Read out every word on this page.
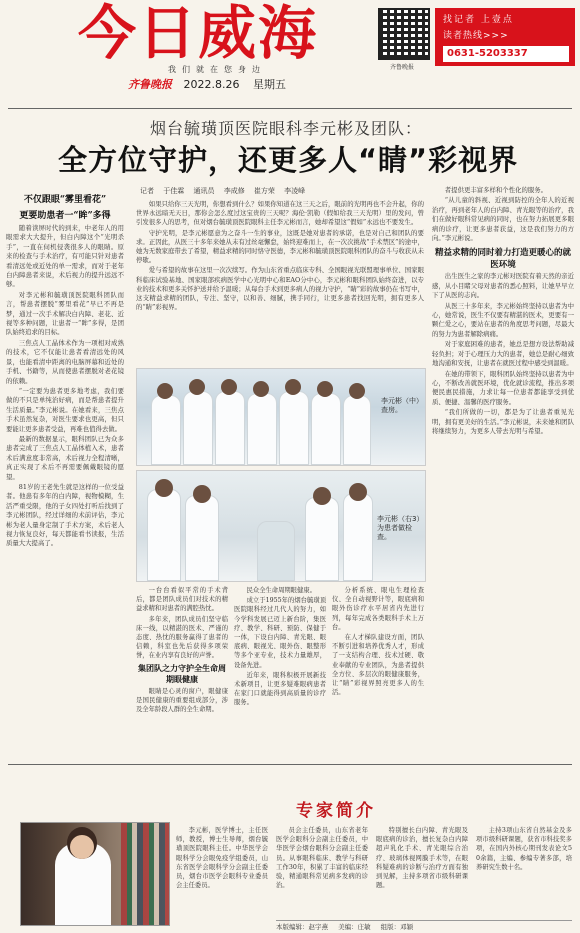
今日威海
我们就在您身边	齐鲁晚报
找记者 上壹点
读者热线>>>
0631-5203337
齐鲁晚报 2022.8.26 星期五
烟台毓璜顶医院眼科李元彬及团队：
全方位守护，还更多人“睛”彩视界
不仅跟眼“雾里看花”
更要助患者一“眸”多得

随着读屏时代的到来，中老年人的用眼需求大大提升，但白内障这个“光明杀手”，一直在伺机侵袭很多人的眼睛。原来的检查与手术治疗，有可能只针对患者看清远处或近处的单一需求，而对于老年白内障患者来说，术后视力的提升远远不够。

对李元彬和毓璜顶医院眼科团队而言，帮患者摆脱“雾里看花”早已不再是梦，通过一次手术解决白内障、老花、近视等多种问题，让患者一“眸”多得，是团队始终追求的目标。

三焦点人工晶体术作为一项相对成熟的技术，它不仅能让患者看清远处的风景，也能看清中距离的电脑屏幕和近处的手机、书籍等，从而使患者摆脱对老花镜的依赖。

“一定要为患者更多地考虑，我们要做的不只是单纯治好病，而是帮患者提升生活质量。”李元彬说。在她看来，三焦点手术虽然复杂，对医生要求也更高，但只要能让更多患者受益，再难也值得去做。

最新的数据显示，眼科团队已为众多患者完成了三焦点人工晶体植入术，患者术后满意度非常高，术后视力全程清晰，真正实现了术后不再需要佩戴眼镜的愿望。

81岁的王老先生就是这样的一位受益者。他患有多年的白内障，视物模糊，生活严重受限，他的子女四处打听后找到了李元彬团队，经过详细的术前评估，李元彬为老人量身定制了手术方案，术后老人视力恢复良好，每天都能看书读报，生活质量大大提高了。

记者 于佳霖 通讯员 李成修 崔方荣 李凌峰

如果只给你三天光明，你想看到什么？如果你知道在这三天之后，眼前的光明再也不会升起，你的世界永远暗无天日，那你会怎么度过这宝贵的三天呢？海伦·凯勒（假如给我三天光明）里的发问，曾引发很多人的思考，但对烟台毓璜顶医院眼科主任李元彬而言，她却希望这“假如”永远也不要发生。

守护光明，是李元彬愿意为之奋斗一生的事业，这既是她对患者的承诺，也是对自己和团队的要求。正因此，从医三十多年来她从未有过丝毫懈怠，始终迎难而上，在一次次挑战“手术禁区”的途中，她为无数家庭带去了希望，精益求精的同时恪守医德，李元彬和毓璜顶医院眼科团队的奋斗与收获从未停歇。

爱与希望的故事在这里一次次续写。作为山东省重点临床专科、全国眼视光联盟理事单位、国家眼科临床试验基地、国家眼部疾病医学中心光明中心和EAO分中心，李元彬和眼科团队始终奋进，以专业的技术和更多关怀护送并给予温暖；从每台手术到更多病人的视力守护，“睛”彩的故事仍在书写中，这支精益求精的团队，专注、坚守，以和善、细腻，携手同行，让更多患者找回光明，拥有更多人的“睛”彩视界。

李元彬（中）查房。
李元彬（右3）为患者做检查。

者提供更丰富多样和个性化的服务。

“从儿童的斜视、近视到防控的全年人的近视治疗，再到老年人的白内障、青光眼等的治疗，我们在做好眼科常见病的同时，也在努力拓展更多眼病的诊疗，让更多患者获益，这是我们努力的方向。”李元彬说。

精益求精的同时着力打造更暖心的就医环境

出生医生之家的李元彬对医院有着天然的亲近感，从小目睹父母对患者的悉心照料，让她早早立下了从医的志向。

从医三十多年来，李元彬始终坚持以患者为中心，她常说，医生不仅要有精湛的医术，更要有一颗仁爱之心，要站在患者的角度思考问题，尽最大的努力为患者解除病痛。

对于家庭困难的患者，她总是想方设法帮助减轻负担；对于心理压力大的患者，她总是耐心细致地沟通和安抚，让患者在就医过程中感受到温暖。

在她的带领下，眼科团队始终坚持以患者为中心，不断改善就医环境，优化就诊流程，推出多项便民惠民措施，力求让每一位患者都能享受到优质、便捷、温馨的医疗服务。

“我们所做的一切，都是为了让患者重见光明，拥有更美好的生活。”李元彬说，未来她和团队将继续努力，为更多人带去光明与希望。

一台台看似平常的手术背后，都是团队成员们对技术的精益求精和对患者的满腔热忱。

多年来，团队成员们坚守临床一线，以精湛的医术、严谨的态度、热忱的服务赢得了患者的信赖，科室也先后获得多项荣誉，在业内享有良好的声誉。

集团队之力守护全生命周期眼健康

眼睛是心灵的窗户，眼健康是国民健康的重要组成部分，涉及全年龄段人群的全生命期。

民众全生命周期眼健康。

成立于1955年的烟台毓璜顶医院眼科经过几代人的努力，如今学科发展已迈上新台阶，集医疗、教学、科研、预防、保健于一体，下设白内障、青光眼、眼底病、眼视光、眼外伤、眼整形等多个亚专业，技术力量雄厚，设备先进。

近年来，眼科积极开展新技术新项目，让更多疑难眼病患者在家门口就能得到高质量的诊疗服务。

分析系统、眼电生理检查仪、全自动视野计等，眼底病和眼外伤诊疗水平居省内先进行列，每年完成各类眼科手术上万台。

在人才梯队建设方面，团队不断引进和培养优秀人才，形成了一支结构合理、技术过硬、敬业奉献的专业团队，为患者提供全方位、多层次的眼健康服务，让“睛”彩视界照亮更多人的生活。

专家简介

李元彬，医学博士，主任医师，教授，博士生导师，烟台毓璜顶医院眼科主任。中华医学会眼科学分会眼免疫学组委员，山东省医学会眼科学分会副主任委员，烟台市医学会眼科专业委员会主任委员。

员会主任委员，山东省老年医学会眼科分会副主任委员，中华医学会烟台眼科分会副主任委员。从事眼科临床、教学与科研工作30年，积累了丰富的临床经验，精通眼科常见病多发病的诊治。

特别擅长白内障、青光眼及眼底病的诊治，擅长复杂白内障超声乳化手术、青光眼综合治疗、玻璃体视网膜手术等，在眼科疑难病的诊断与治疗方面有独到见解，主持多项省市级科研课题。

主持3项山东省自然基金及多项市级科研课题，获省市科技奖多项，在国内外核心期刊发表论文50余篇，主编、参编专著多部，培养研究生数十名。

本版编辑：赵宇燕 美编：庄敏 组版：邓颖
